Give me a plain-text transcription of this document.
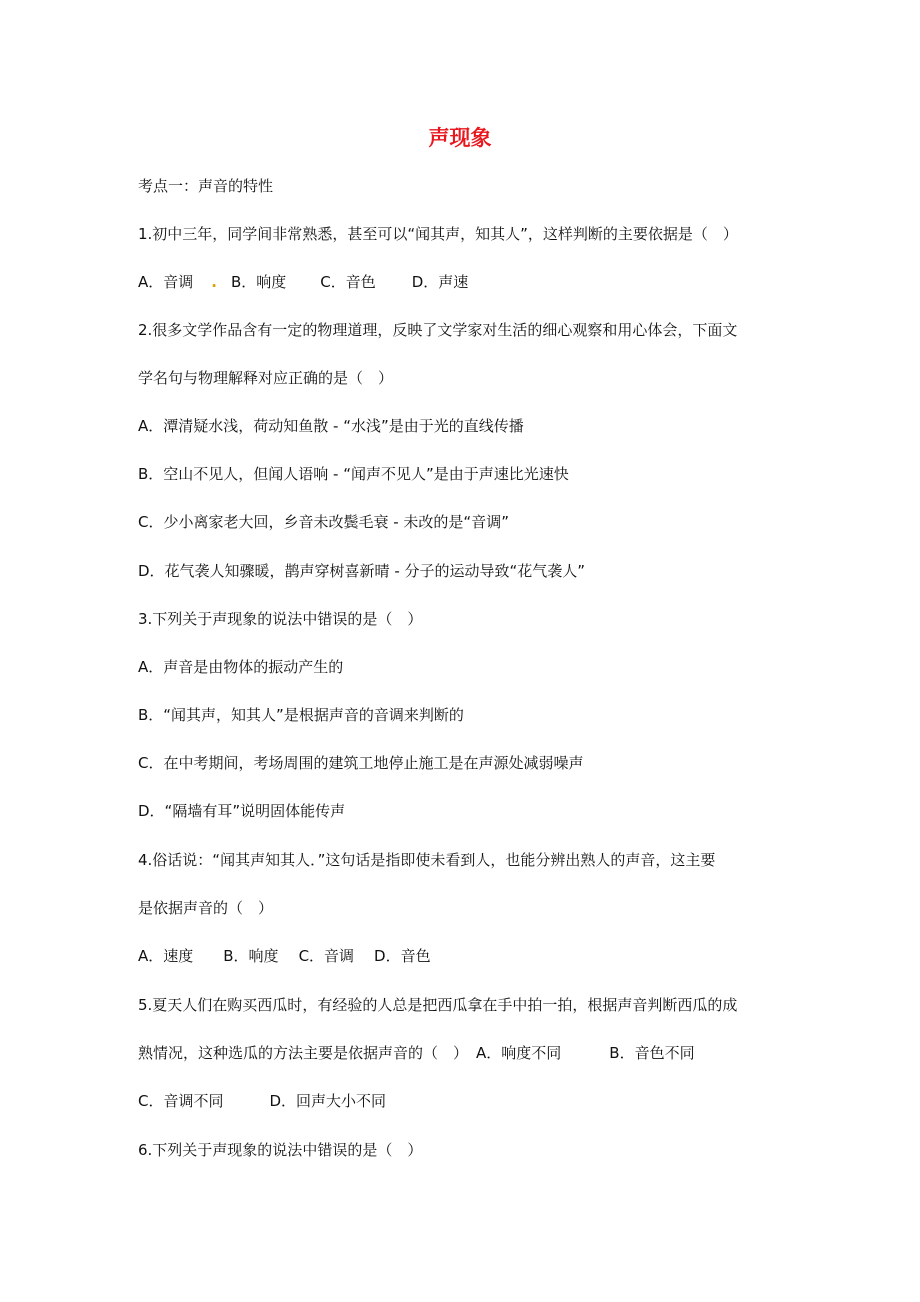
声现象
考点一：声音的特性
1.初中三年，同学间非常熟悉，甚至可以“闻其声，知其人”，这样判断的主要依据是（　）
A．音调 . B．响度 C．音色 D．声速
2.很多文学作品含有一定的物理道理，反映了文学家对生活的细心观察和用心体会，下面文
学名句与物理解释对应正确的是（　）
A．潭清疑水浅，荷动知鱼散 - “水浅”是由于光的直线传播
B．空山不见人，但闻人语响 - “闻声不见人”是由于声速比光速快
C．少小离家老大回，乡音未改鬓毛衰 - 未改的是“音调”
D．花气袭人知骤暖，鹊声穿树喜新晴 - 分子的运动导致“花气袭人”
3.下列关于声现象的说法中错误的是（　）
A．声音是由物体的振动产生的
B．“闻其声，知其人”是根据声音的音调来判断的
C．在中考期间，考场周围的建筑工地停止施工是在声源处减弱噪声
D．“隔墙有耳”说明固体能传声
4.俗话说：“闻其声知其人．”这句话是指即使未看到人，也能分辨出熟人的声音，这主要
是依据声音的（　）
A．速度 B．响度 C．音调 D．音色
5.夏天人们在购买西瓜时，有经验的人总是把西瓜拿在手中拍一拍，根据声音判断西瓜的成
熟情况，这种选瓜的方法主要是依据声音的（　） A．响度不同	B．音色不同
C．音调不同	D．回声大小不同
6.下列关于声现象的说法中错误的是（　）
